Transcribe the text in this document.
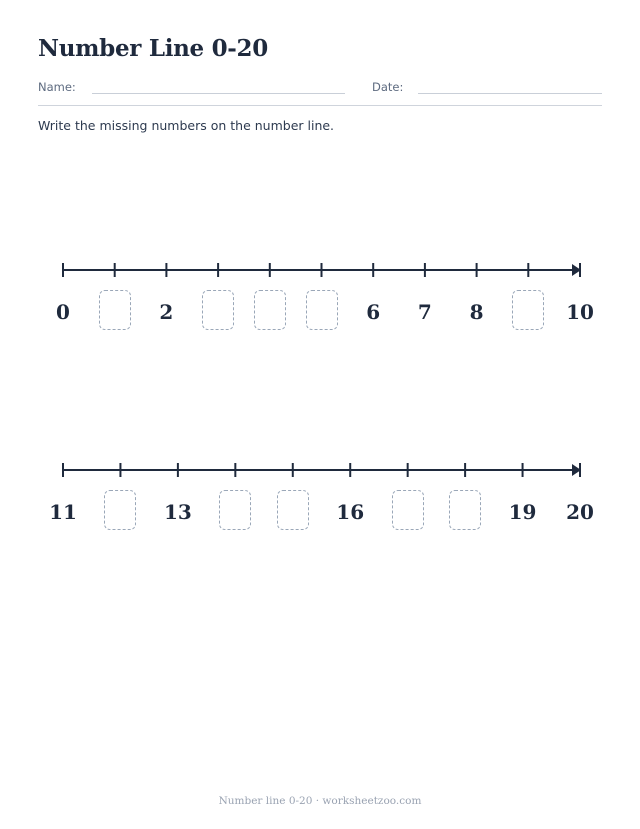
Number Line 0-20
Name:	Date:
Write the missing numbers on the number line.
0	2	6	7	8	10
11	13	16	19	20
Number line 0-20 · worksheetzoo.com
